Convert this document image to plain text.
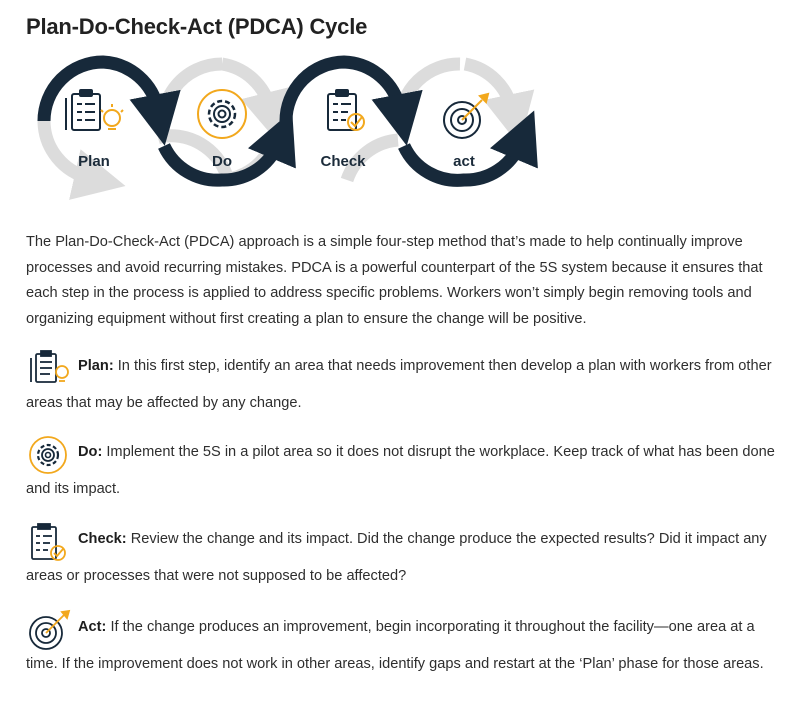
Plan-Do-Check-Act (PDCA) Cycle
Plan	Do	Check	act

The Plan-Do-Check-Act (PDCA) approach is a simple four-step method that’s made to help continually improve processes and avoid recurring mistakes. PDCA is a powerful counterpart of the 5S system because it ensures that each step in the process is applied to address specific problems. Workers won’t simply begin removing tools and organizing equipment without first creating a plan to ensure the change will be positive.

Plan: In this first step, identify an area that needs improvement then develop a plan with workers from other areas that may be affected by any change.

Do: Implement the 5S in a pilot area so it does not disrupt the workplace. Keep track of what has been done and its impact.

Check: Review the change and its impact. Did the change produce the expected results? Did it impact any areas or processes that were not supposed to be affected?

Act: If the change produces an improvement, begin incorporating it throughout the facility—one area at a time. If the improvement does not work in other areas, identify gaps and restart at the ‘Plan’ phase for those areas.
